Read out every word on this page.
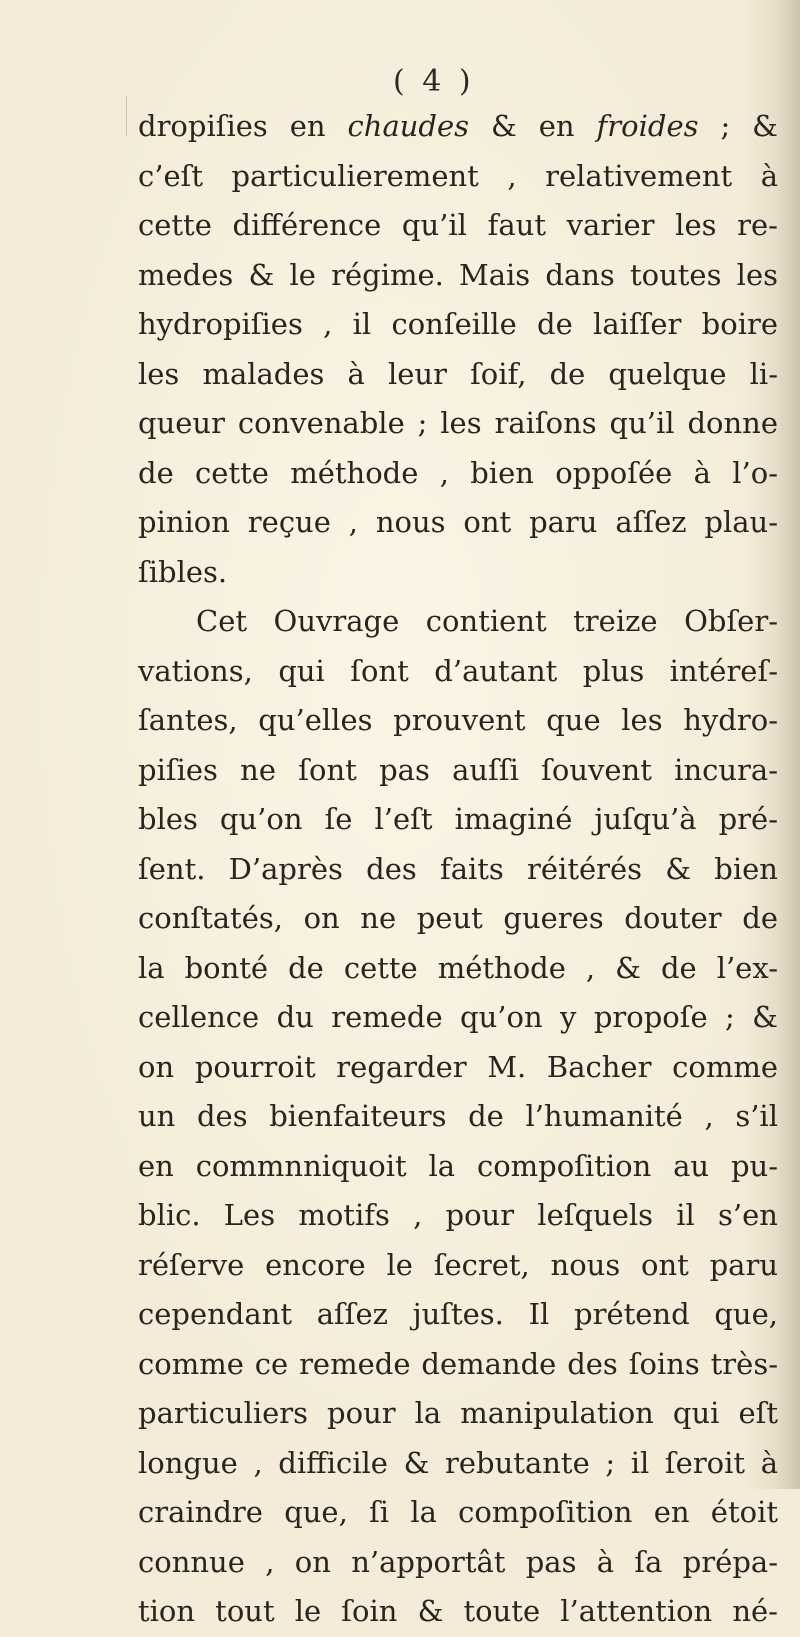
( 4 )
dropiſies en chaudes & en froides ; &
c’eſt particulierement , relativement à
cette différence qu’il faut varier les re-
medes & le régime. Mais dans toutes les
hydropiſies , il conſeille de laiſſer boire
les malades à leur ſoif, de quelque li-
queur convenable ; les raiſons qu’il donne
de cette méthode , bien oppoſée à l’o-
pinion reçue , nous ont paru aſſez plau-
ſibles.
Cet Ouvrage contient treize Obſer-
vations, qui ſont d’autant plus intéreſ-
ſantes, qu’elles prouvent que les hydro-
piſies ne ſont pas auſſi ſouvent incura-
bles qu’on ſe l’eſt imaginé juſqu’à pré-
ſent. D’après des faits réitérés & bien
conſtatés, on ne peut gueres douter de
la bonté de cette méthode , & de l’ex-
cellence du remede qu’on y propoſe ; &
on pourroit regarder M. Bacher comme
un des bienfaiteurs de l’humanité , s’il
en commnniquoit la compoſition au pu-
blic. Les motifs , pour leſquels il s’en
réſerve encore le ſecret, nous ont paru
cependant aſſez juſtes. Il prétend que,
comme ce remede demande des ſoins très-
particuliers pour la manipulation qui eſt
longue , difficile & rebutante ; il ſeroit à
craindre que, ſi la compoſition en étoit
connue , on n’apportât pas à ſa prépa-
tion tout le ſoin & toute l’attention né-
